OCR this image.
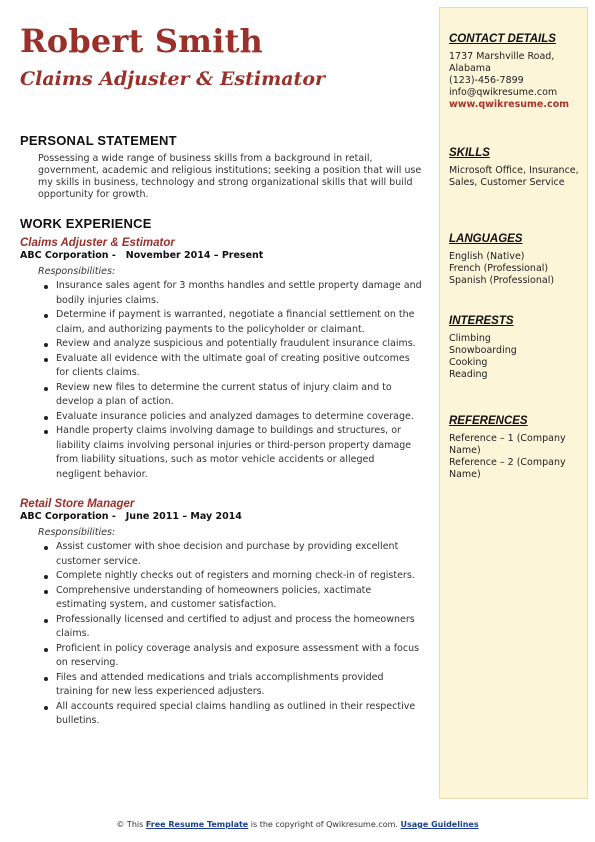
Robert Smith
Claims Adjuster & Estimator
PERSONAL STATEMENT
Possessing a wide range of business skills from a background in retail, government, academic and religious institutions; seeking a position that will use my skills in business, technology and strong organizational skills that will build opportunity for growth.
WORK EXPERIENCE
Claims Adjuster & Estimator
ABC Corporation - November 2014 – Present
Responsibilities:
Insurance sales agent for 3 months handles and settle property damage and bodily injuries claims.
Determine if payment is warranted, negotiate a financial settlement on the claim, and authorizing payments to the policyholder or claimant.
Review and analyze suspicious and potentially fraudulent insurance claims.
Evaluate all evidence with the ultimate goal of creating positive outcomes for clients claims.
Review new files to determine the current status of injury claim and to develop a plan of action.
Evaluate insurance policies and analyzed damages to determine coverage.
Handle property claims involving damage to buildings and structures, or liability claims involving personal injuries or third-person property damage from liability situations, such as motor vehicle accidents or alleged negligent behavior.
Retail Store Manager
ABC Corporation - June 2011 – May 2014
Responsibilities:
Assist customer with shoe decision and purchase by providing excellent customer service.
Complete nightly checks out of registers and morning check-in of registers.
Comprehensive understanding of homeowners policies, xactimate estimating system, and customer satisfaction.
Professionally licensed and certified to adjust and process the homeowners claims.
Proficient in policy coverage analysis and exposure assessment with a focus on reserving.
Files and attended medications and trials accomplishments provided training for new less experienced adjusters.
All accounts required special claims handling as outlined in their respective bulletins.
CONTACT DETAILS
1737 Marshville Road,
Alabama
(123)-456-7899
info@qwikresume.com
www.qwikresume.com
SKILLS
Microsoft Office, Insurance, Sales, Customer Service
LANGUAGES
English (Native)
French (Professional)
Spanish (Professional)
INTERESTS
Climbing
Snowboarding
Cooking
Reading
REFERENCES
Reference – 1 (Company Name)
Reference – 2 (Company Name)
© This Free Resume Template is the copyright of Qwikresume.com. Usage Guidelines
